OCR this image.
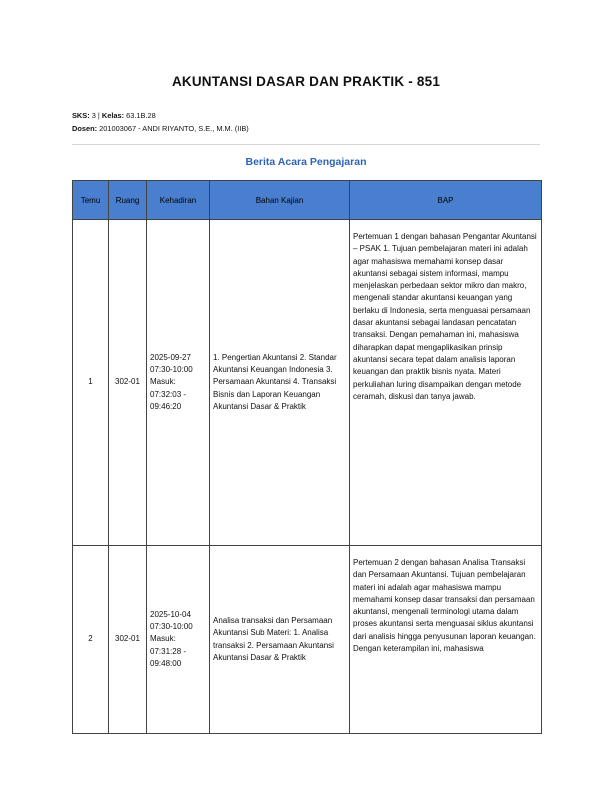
AKUNTANSI DASAR DAN PRAKTIK - 851
SKS: 3 | Kelas: 63.1B.28
Dosen: 201003067 - ANDI RIYANTO, S.E., M.M. (IIB)
Berita Acara Pengajaran
Temu	Ruang	Kehadiran	Bahan Kajian	BAP
1	302-01	2025-09-27 07:30-10:00 Masuk: 07:32:03 - 09:46:20	1. Pengertian Akuntansi 2. Standar Akuntansi Keuangan Indonesia 3. Persamaan Akuntansi 4. Transaksi Bisnis dan Laporan Keuangan Akuntansi Dasar & Praktik	Pertemuan 1 dengan bahasan Pengantar Akuntansi – PSAK 1. Tujuan pembelajaran materi ini adalah agar mahasiswa memahami konsep dasar akuntansi sebagai sistem informasi, mampu menjelaskan perbedaan sektor mikro dan makro, mengenali standar akuntansi keuangan yang berlaku di Indonesia, serta menguasai persamaan dasar akuntansi sebagai landasan pencatatan transaksi. Dengan pemahaman ini, mahasiswa diharapkan dapat mengaplikasikan prinsip akuntansi secara tepat dalam analisis laporan keuangan dan praktik bisnis nyata. Materi perkuliahan luring disampaikan dengan metode ceramah, diskusi dan tanya jawab.
2	302-01	2025-10-04 07:30-10:00 Masuk: 07:31:28 - 09:48:00	Analisa transaksi dan Persamaan Akuntansi Sub Materi: 1. Analisa transaksi 2. Persamaan Akuntansi Akuntansi Dasar & Praktik	Pertemuan 2 dengan bahasan Analisa Transaksi dan Persamaan Akuntansi. Tujuan pembelajaran materi ini adalah agar mahasiswa mampu memahami konsep dasar transaksi dan persamaan akuntansi, mengenali terminologi utama dalam proses akuntansi serta menguasai siklus akuntansi dari analisis hingga penyusunan laporan keuangan. Dengan keterampilan ini, mahasiswa
